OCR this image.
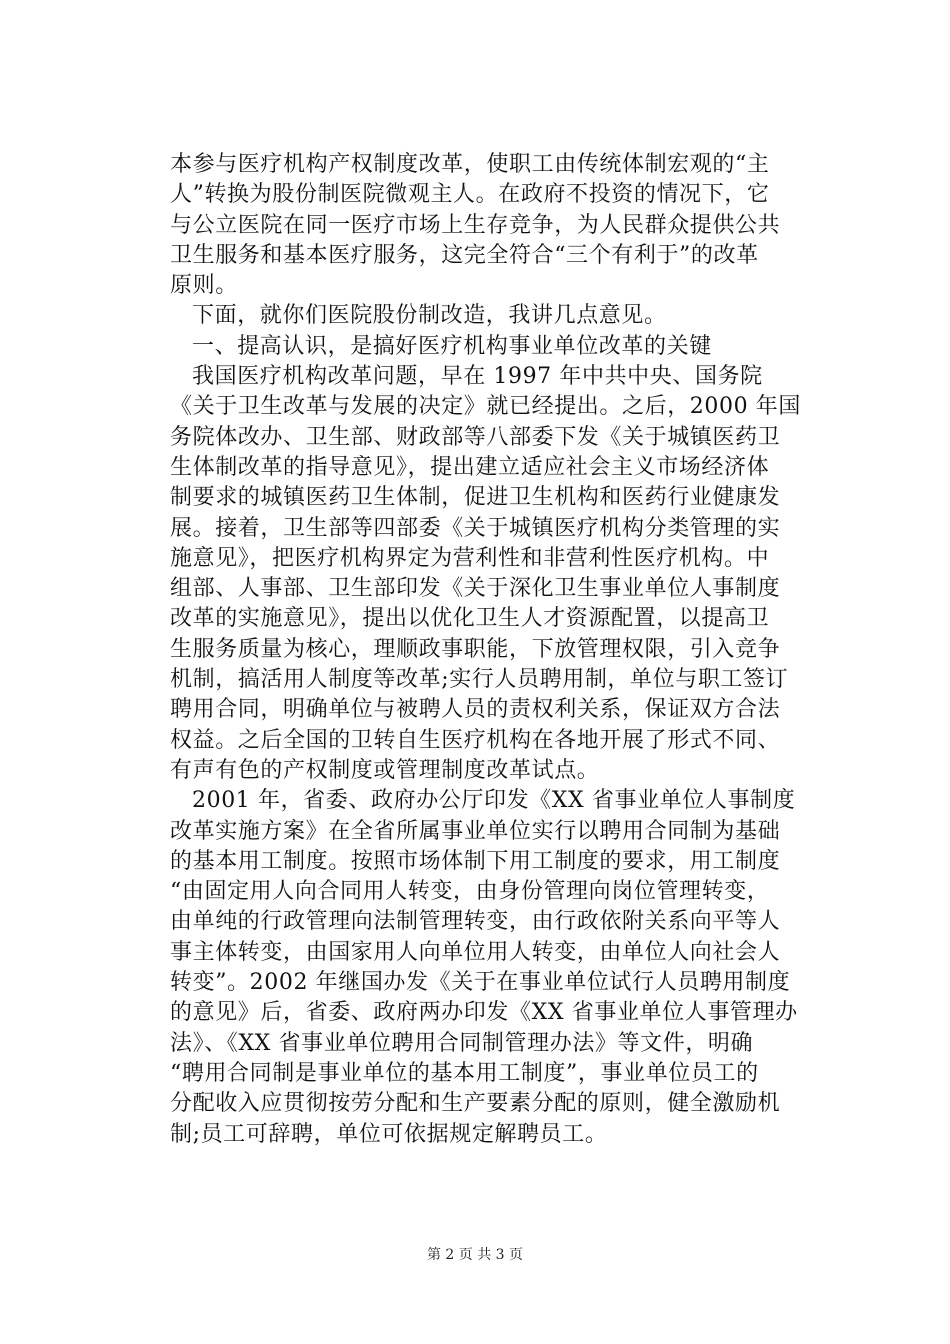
本参与医疗机构产权制度改革，使职工由传统体制宏观的“主
人”转换为股份制医院微观主人。在政府不投资的情况下，它
与公立医院在同一医疗市场上生存竞争，为人民群众提供公共
卫生服务和基本医疗服务，这完全符合“三个有利于”的改革
原则。
下面，就你们医院股份制改造，我讲几点意见。
一、提高认识，是搞好医疗机构事业单位改革的关键
我国医疗机构改革问题，早在 1997 年中共中央、国务院
《关于卫生改革与发展的决定》就已经提出。之后，2000 年国
务院体改办、卫生部、财政部等八部委下发《关于城镇医药卫
生体制改革的指导意见》，提出建立适应社会主义市场经济体
制要求的城镇医药卫生体制，促进卫生机构和医药行业健康发
展。接着，卫生部等四部委《关于城镇医疗机构分类管理的实
施意见》，把医疗机构界定为营利性和非营利性医疗机构。中
组部、人事部、卫生部印发《关于深化卫生事业单位人事制度
改革的实施意见》，提出以优化卫生人才资源配置，以提高卫
生服务质量为核心，理顺政事职能，下放管理权限，引入竞争
机制，搞活用人制度等改革;实行人员聘用制，单位与职工签订
聘用合同，明确单位与被聘人员的责权利关系，保证双方合法
权益。之后全国的卫转自生医疗机构在各地开展了形式不同、
有声有色的产权制度或管理制度改革试点。
2001 年，省委、政府办公厅印发《XX 省事业单位人事制度
改革实施方案》在全省所属事业单位实行以聘用合同制为基础
的基本用工制度。按照市场体制下用工制度的要求，用工制度
“由固定用人向合同用人转变，由身份管理向岗位管理转变，
由单纯的行政管理向法制管理转变，由行政依附关系向平等人
事主体转变，由国家用人向单位用人转变，由单位人向社会人
转变”。2002 年继国办发《关于在事业单位试行人员聘用制度
的意见》后，省委、政府两办印发《XX 省事业单位人事管理办
法》、《XX 省事业单位聘用合同制管理办法》等文件，明确
“聘用合同制是事业单位的基本用工制度”，事业单位员工的
分配收入应贯彻按劳分配和生产要素分配的原则，健全激励机
制;员工可辞聘，单位可依据规定解聘员工。
第 2 页 共 3 页
